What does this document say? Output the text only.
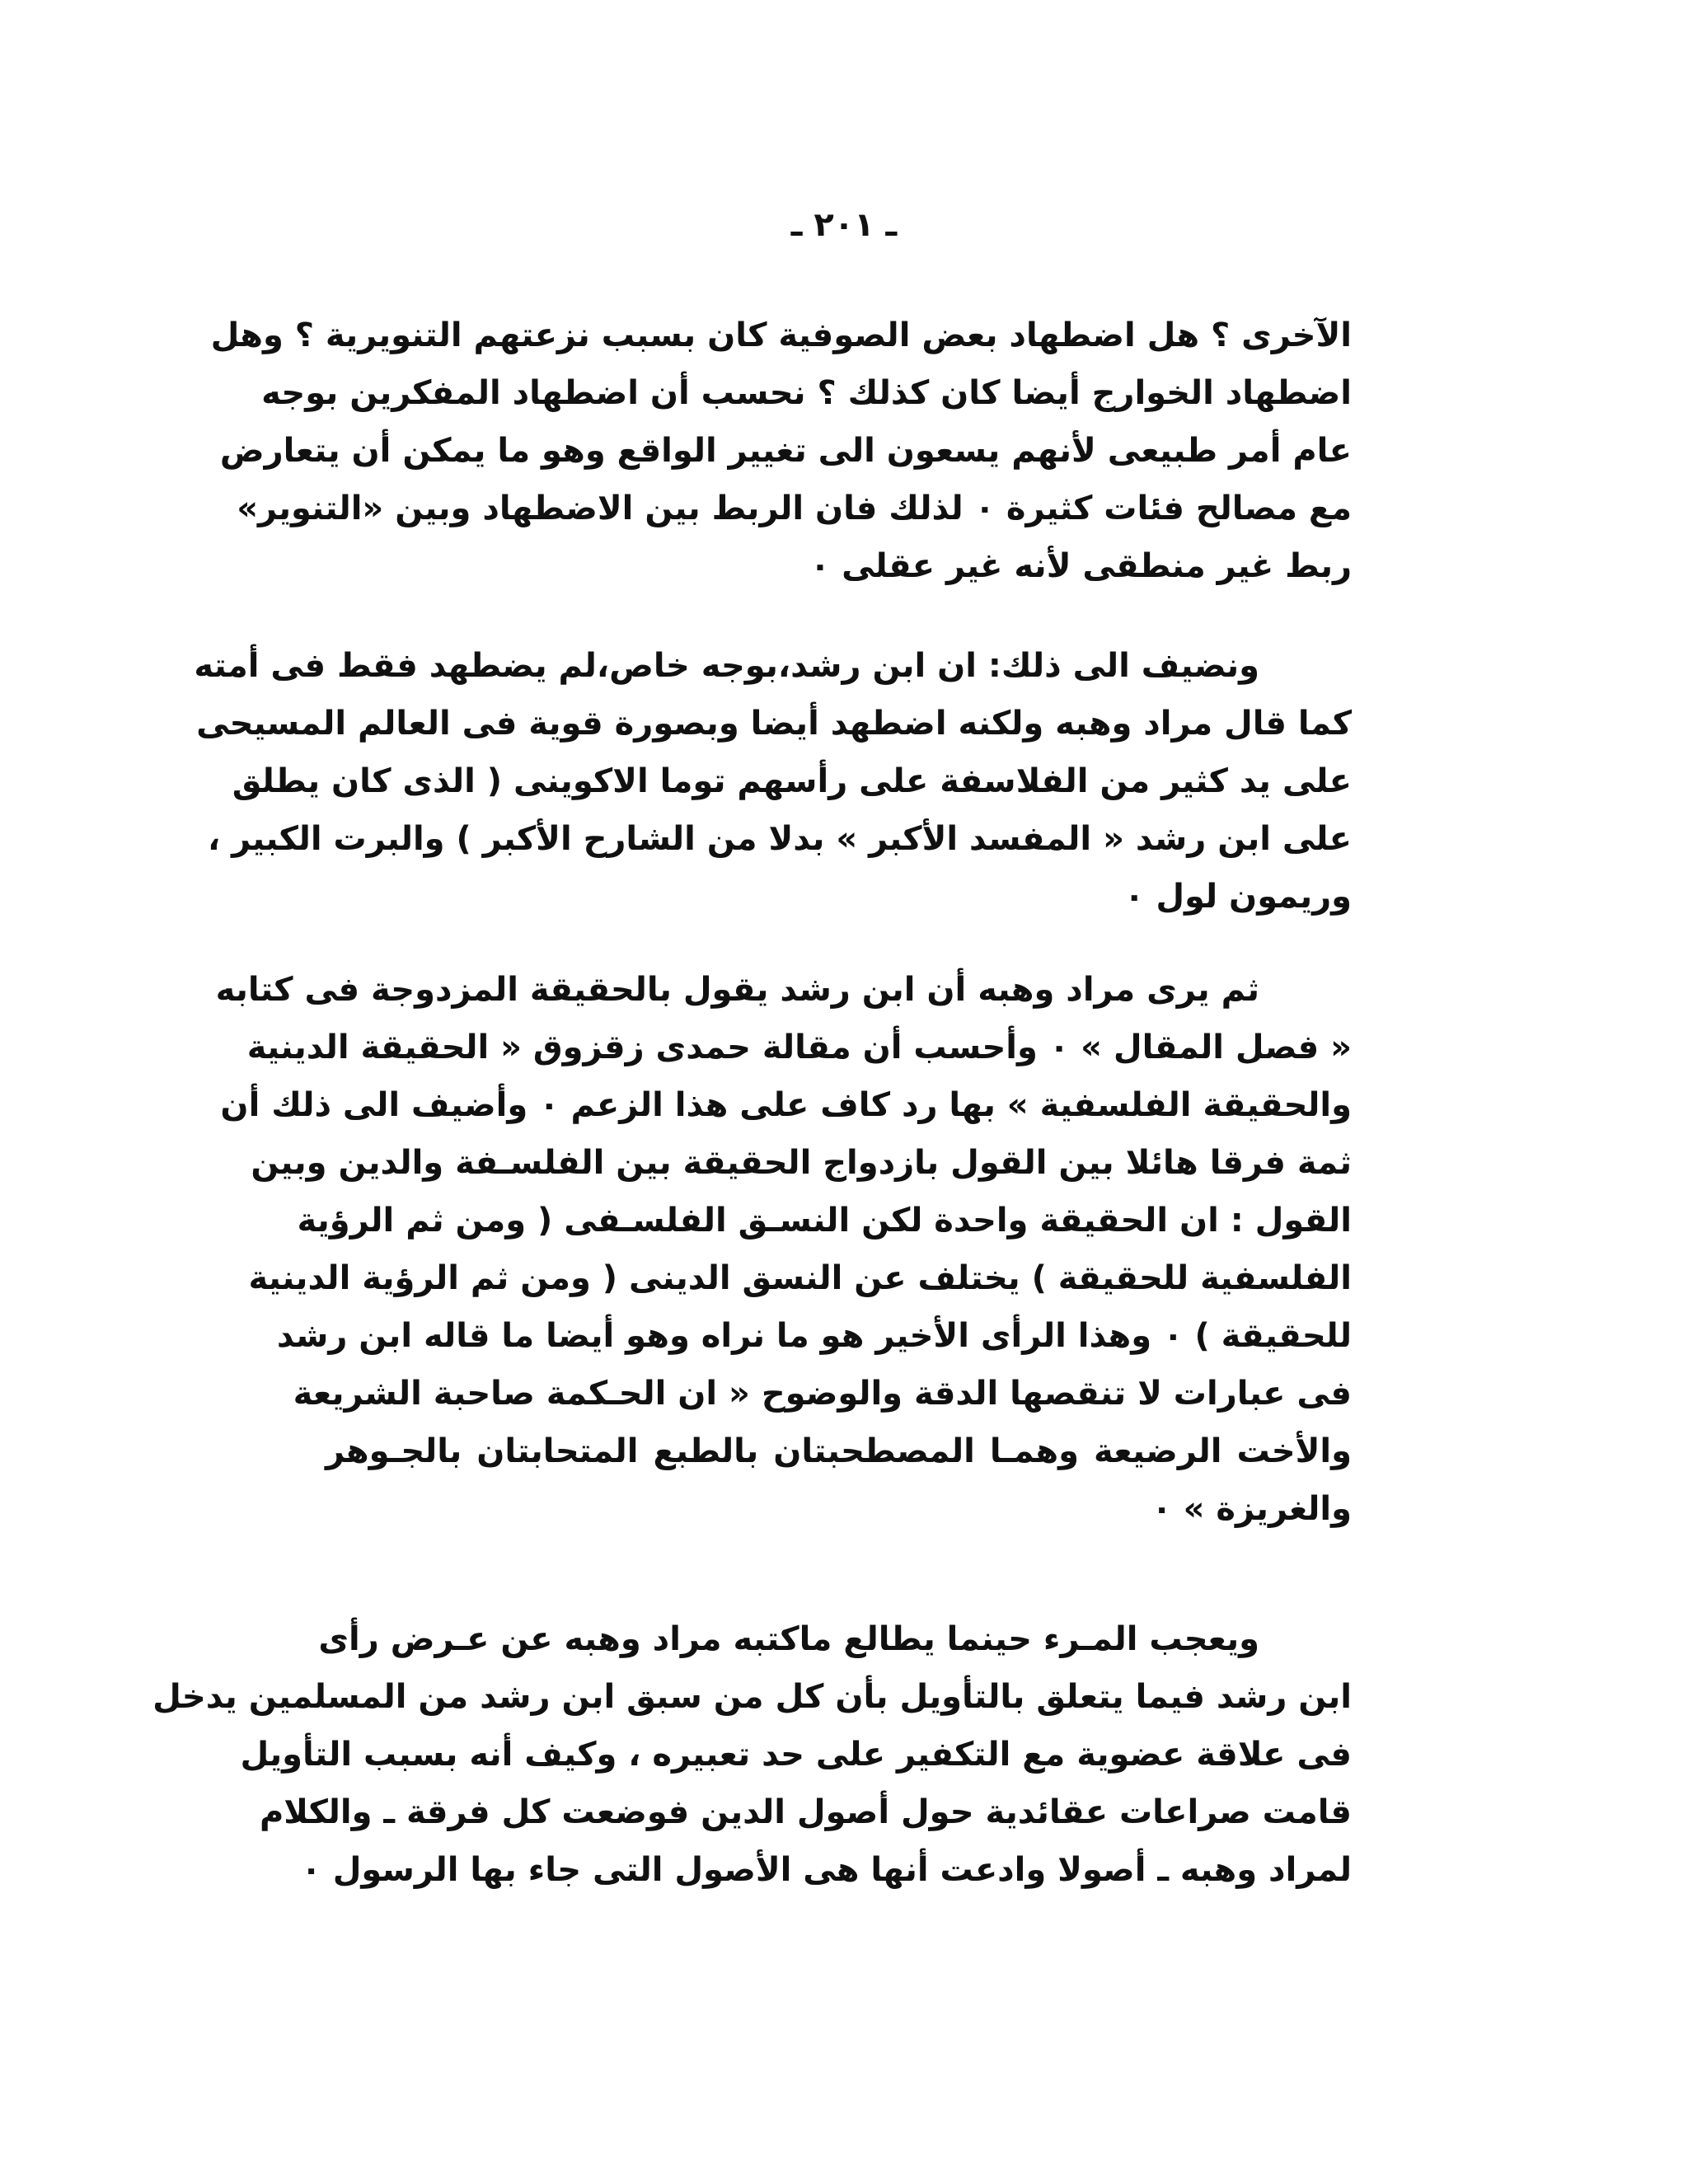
ـ ٢٠١ ـ
الآخرى ؟ هل اضطهاد بعض الصوفية كان بسبب نزعتهم التنويرية ؟ وهل
اضطهاد الخوارج أيضا كان كذلك ؟ نحسب أن اضطهاد المفكرين بوجه
عام أمر طبيعى لأنهم يسعون الى تغيير الواقع وهو ما يمكن أن يتعارض
مع مصالح فئات كثيرة ٠ لذلك فان الربط بين الاضطهاد وبين «التنوير»
ربط غير منطقى لأنه غير عقلى ٠
ونضيف الى ذلك: ان ابن رشد،بوجه خاص،لم يضطهد فقط فى أمته
كما قال مراد وهبه ولكنه اضطهد أيضا وبصورة قوية فى العالم المسيحى
على يد كثير من الفلاسفة على رأسهم توما الاكوينى ( الذى كان يطلق
على ابن رشد « المفسد الأكبر » بدلا من الشارح الأكبر ) والبرت الكبير ،
وريمون لول ٠
ثم يرى مراد وهبه أن ابن رشد يقول بالحقيقة المزدوجة فى كتابه
« فصل المقال » ٠ وأحسب أن مقالة حمدى زقزوق « الحقيقة الدينية
والحقيقة الفلسفية » بها رد كاف على هذا الزعم ٠ وأضيف الى ذلك أن
ثمة فرقا هائلا بين القول بازدواج الحقيقة بين الفلسـفة والدين وبين
القول : ان الحقيقة واحدة لكن النسـق الفلسـفى ( ومن ثم الرؤية
الفلسفية للحقيقة ) يختلف عن النسق الدينى ( ومن ثم الرؤية الدينية
للحقيقة ) ٠ وهذا الرأى الأخير هو ما نراه وهو أيضا ما قاله ابن رشد
فى عبارات لا تنقصها الدقة والوضوح « ان الحـكمة صاحبة الشريعة
والأخت الرضيعة وهمـا المصطحبتان بالطبع المتحابتان بالجـوهر
والغريزة » ٠
ويعجب المـرء حينما يطالع ماكتبه مراد وهبه عن عـرض رأى
ابن رشد فيما يتعلق بالتأويل بأن كل من سبق ابن رشد من المسلمين يدخل
فى علاقة عضوية مع التكفير على حد تعبيره ، وكيف أنه بسبب التأويل
قامت صراعات عقائدية حول أصول الدين فوضعت كل فرقة ـ والكلام
لمراد وهبه ـ أصولا وادعت أنها هى الأصول التى جاء بها الرسول ٠
